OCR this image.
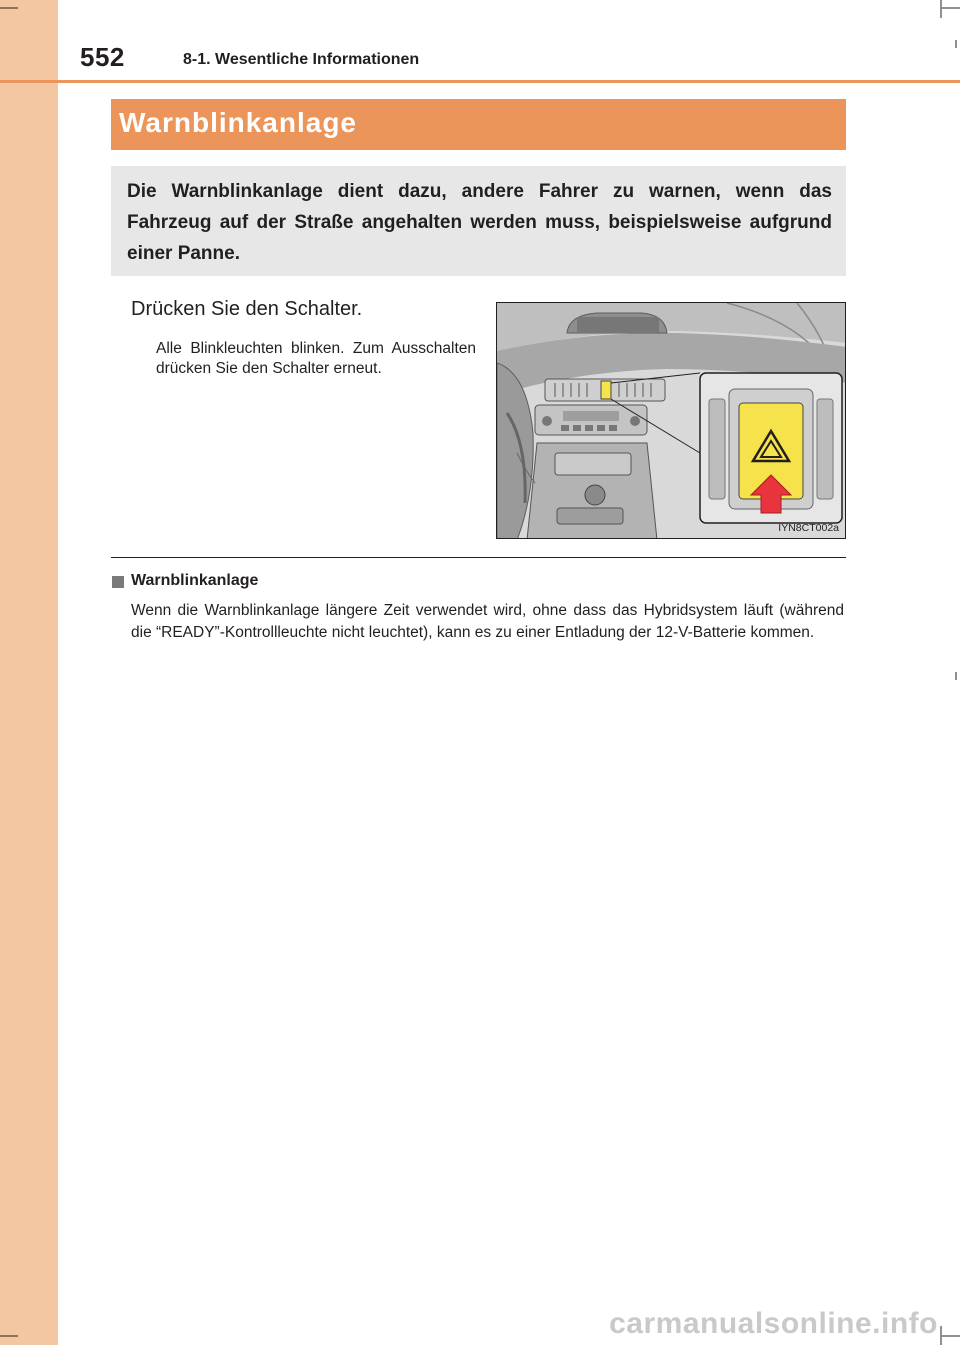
552	8-1. Wesentliche Informationen
Warnblinkanlage
Die Warnblinkanlage dient dazu, andere Fahrer zu warnen, wenn das Fahrzeug auf der Straße angehalten werden muss, beispielsweise aufgrund einer Panne.
Drücken Sie den Schalter.
Alle Blinkleuchten blinken. Zum Ausschalten drücken Sie den Schalter erneut.
IYN8CT002a
Warnblinkanlage
Wenn die Warnblinkanlage längere Zeit verwendet wird, ohne dass das Hybridsystem läuft (während die “READY”-Kontrollleuchte nicht leuchtet), kann es zu einer Entladung der 12-V-Batterie kommen.
carmanualsonline.info
